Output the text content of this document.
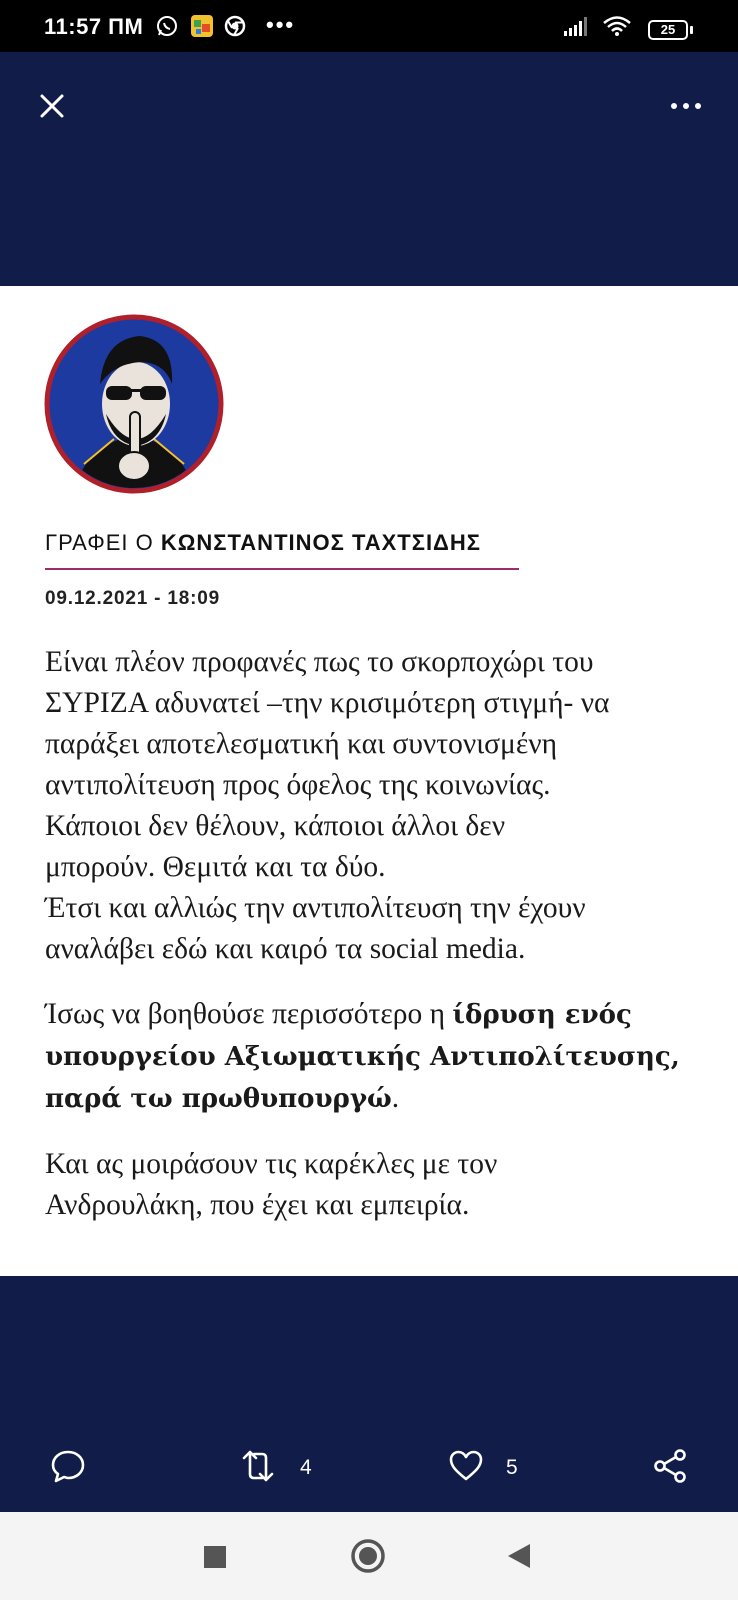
11:57 ΠΜ	•••	25
ΓΡΑΦΕΙ Ο ΚΩΝΣΤΑΝΤΙΝΟΣ ΤΑΧΤΣΙΔΗΣ
09.12.2021 - 18:09

Είναι πλέον προφανές πως το σκορποχώρι του
ΣΥΡΙΖΑ αδυνατεί –την κρισιμότερη στιγμή- να
παράξει αποτελεσματική και συντονισμένη
αντιπολίτευση προς όφελος της κοινωνίας.
Κάποιοι δεν θέλουν, κάποιοι άλλοι δεν
μπορούν. Θεμιτά και τα δύο.
Έτσι και αλλιώς την αντιπολίτευση την έχουν
αναλάβει εδώ και καιρό τα social media.

Ίσως να βοηθούσε περισσότερο η ίδρυση ενός
υπουργείου Αξιωματικής Αντιπολίτευσης,
παρά τω πρωθυπουργώ.

Και ας μοιράσουν τις καρέκλες με τον
Ανδρουλάκη, που έχει και εμπειρία.

4	5
